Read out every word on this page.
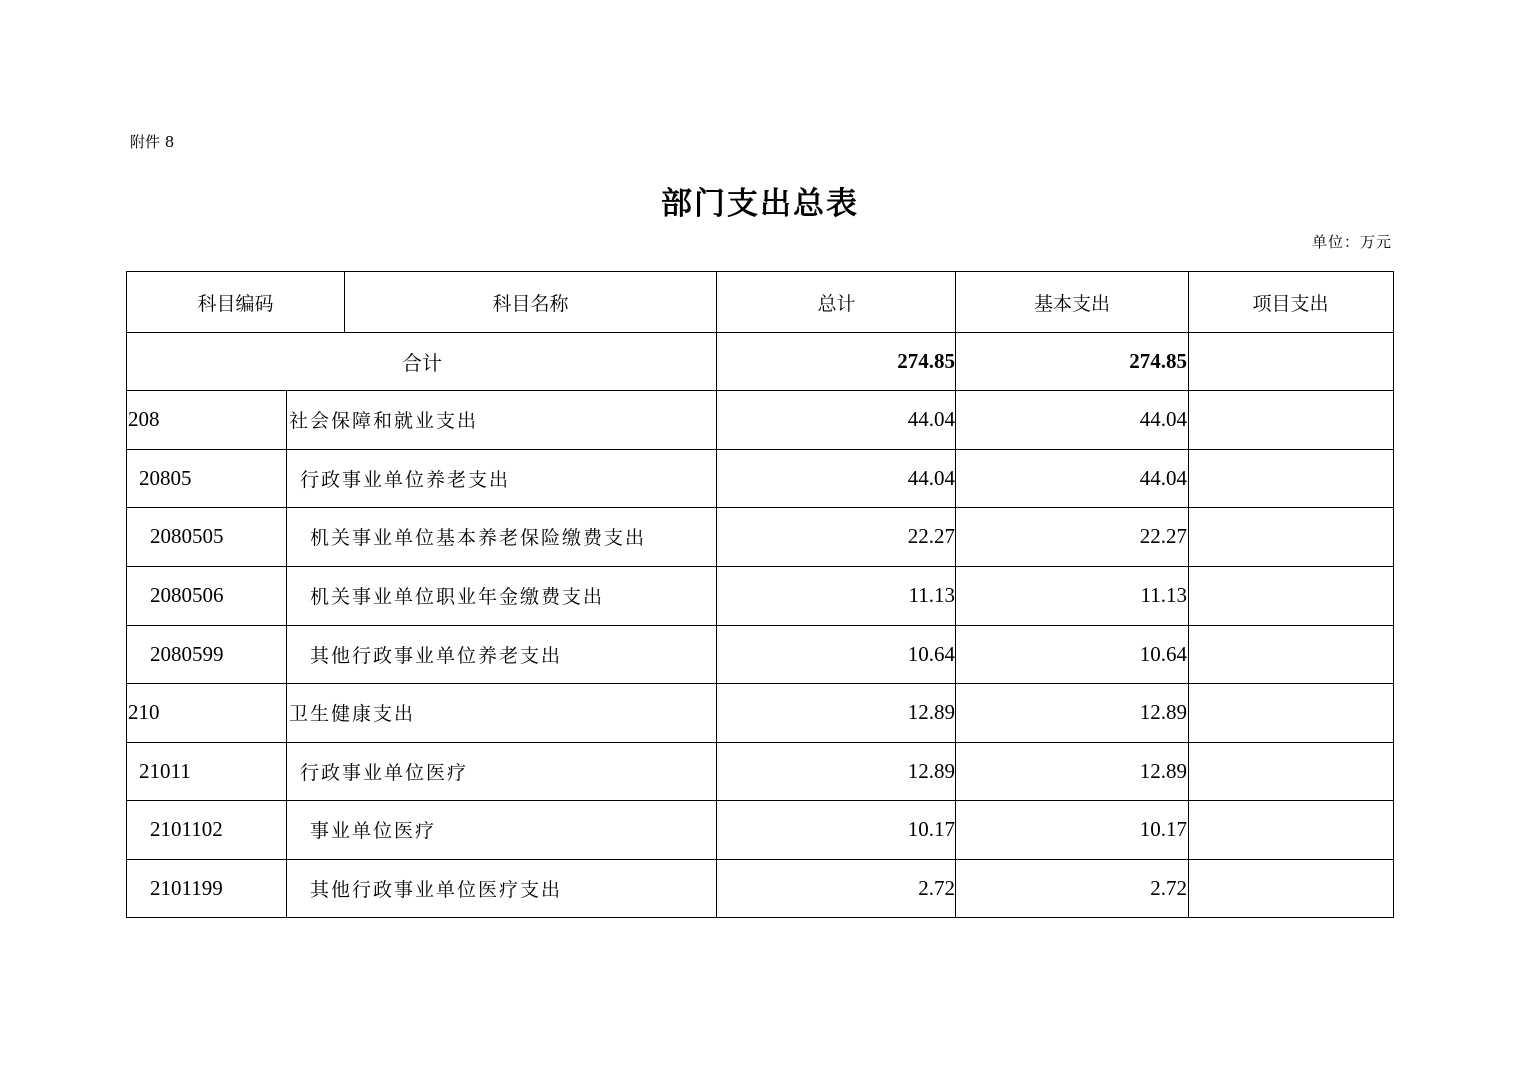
附件 8
部门支出总表
单位：万元
科目编码	科目名称	总计	基本支出	项目支出
合计	274.85	274.85
208	社会保障和就业支出	44.04	44.04
20805	行政事业单位养老支出	44.04	44.04
2080505	机关事业单位基本养老保险缴费支出	22.27	22.27
2080506	机关事业单位职业年金缴费支出	11.13	11.13
2080599	其他行政事业单位养老支出	10.64	10.64
210	卫生健康支出	12.89	12.89
21011	行政事业单位医疗	12.89	12.89
2101102	事业单位医疗	10.17	10.17
2101199	其他行政事业单位医疗支出	2.72	2.72
